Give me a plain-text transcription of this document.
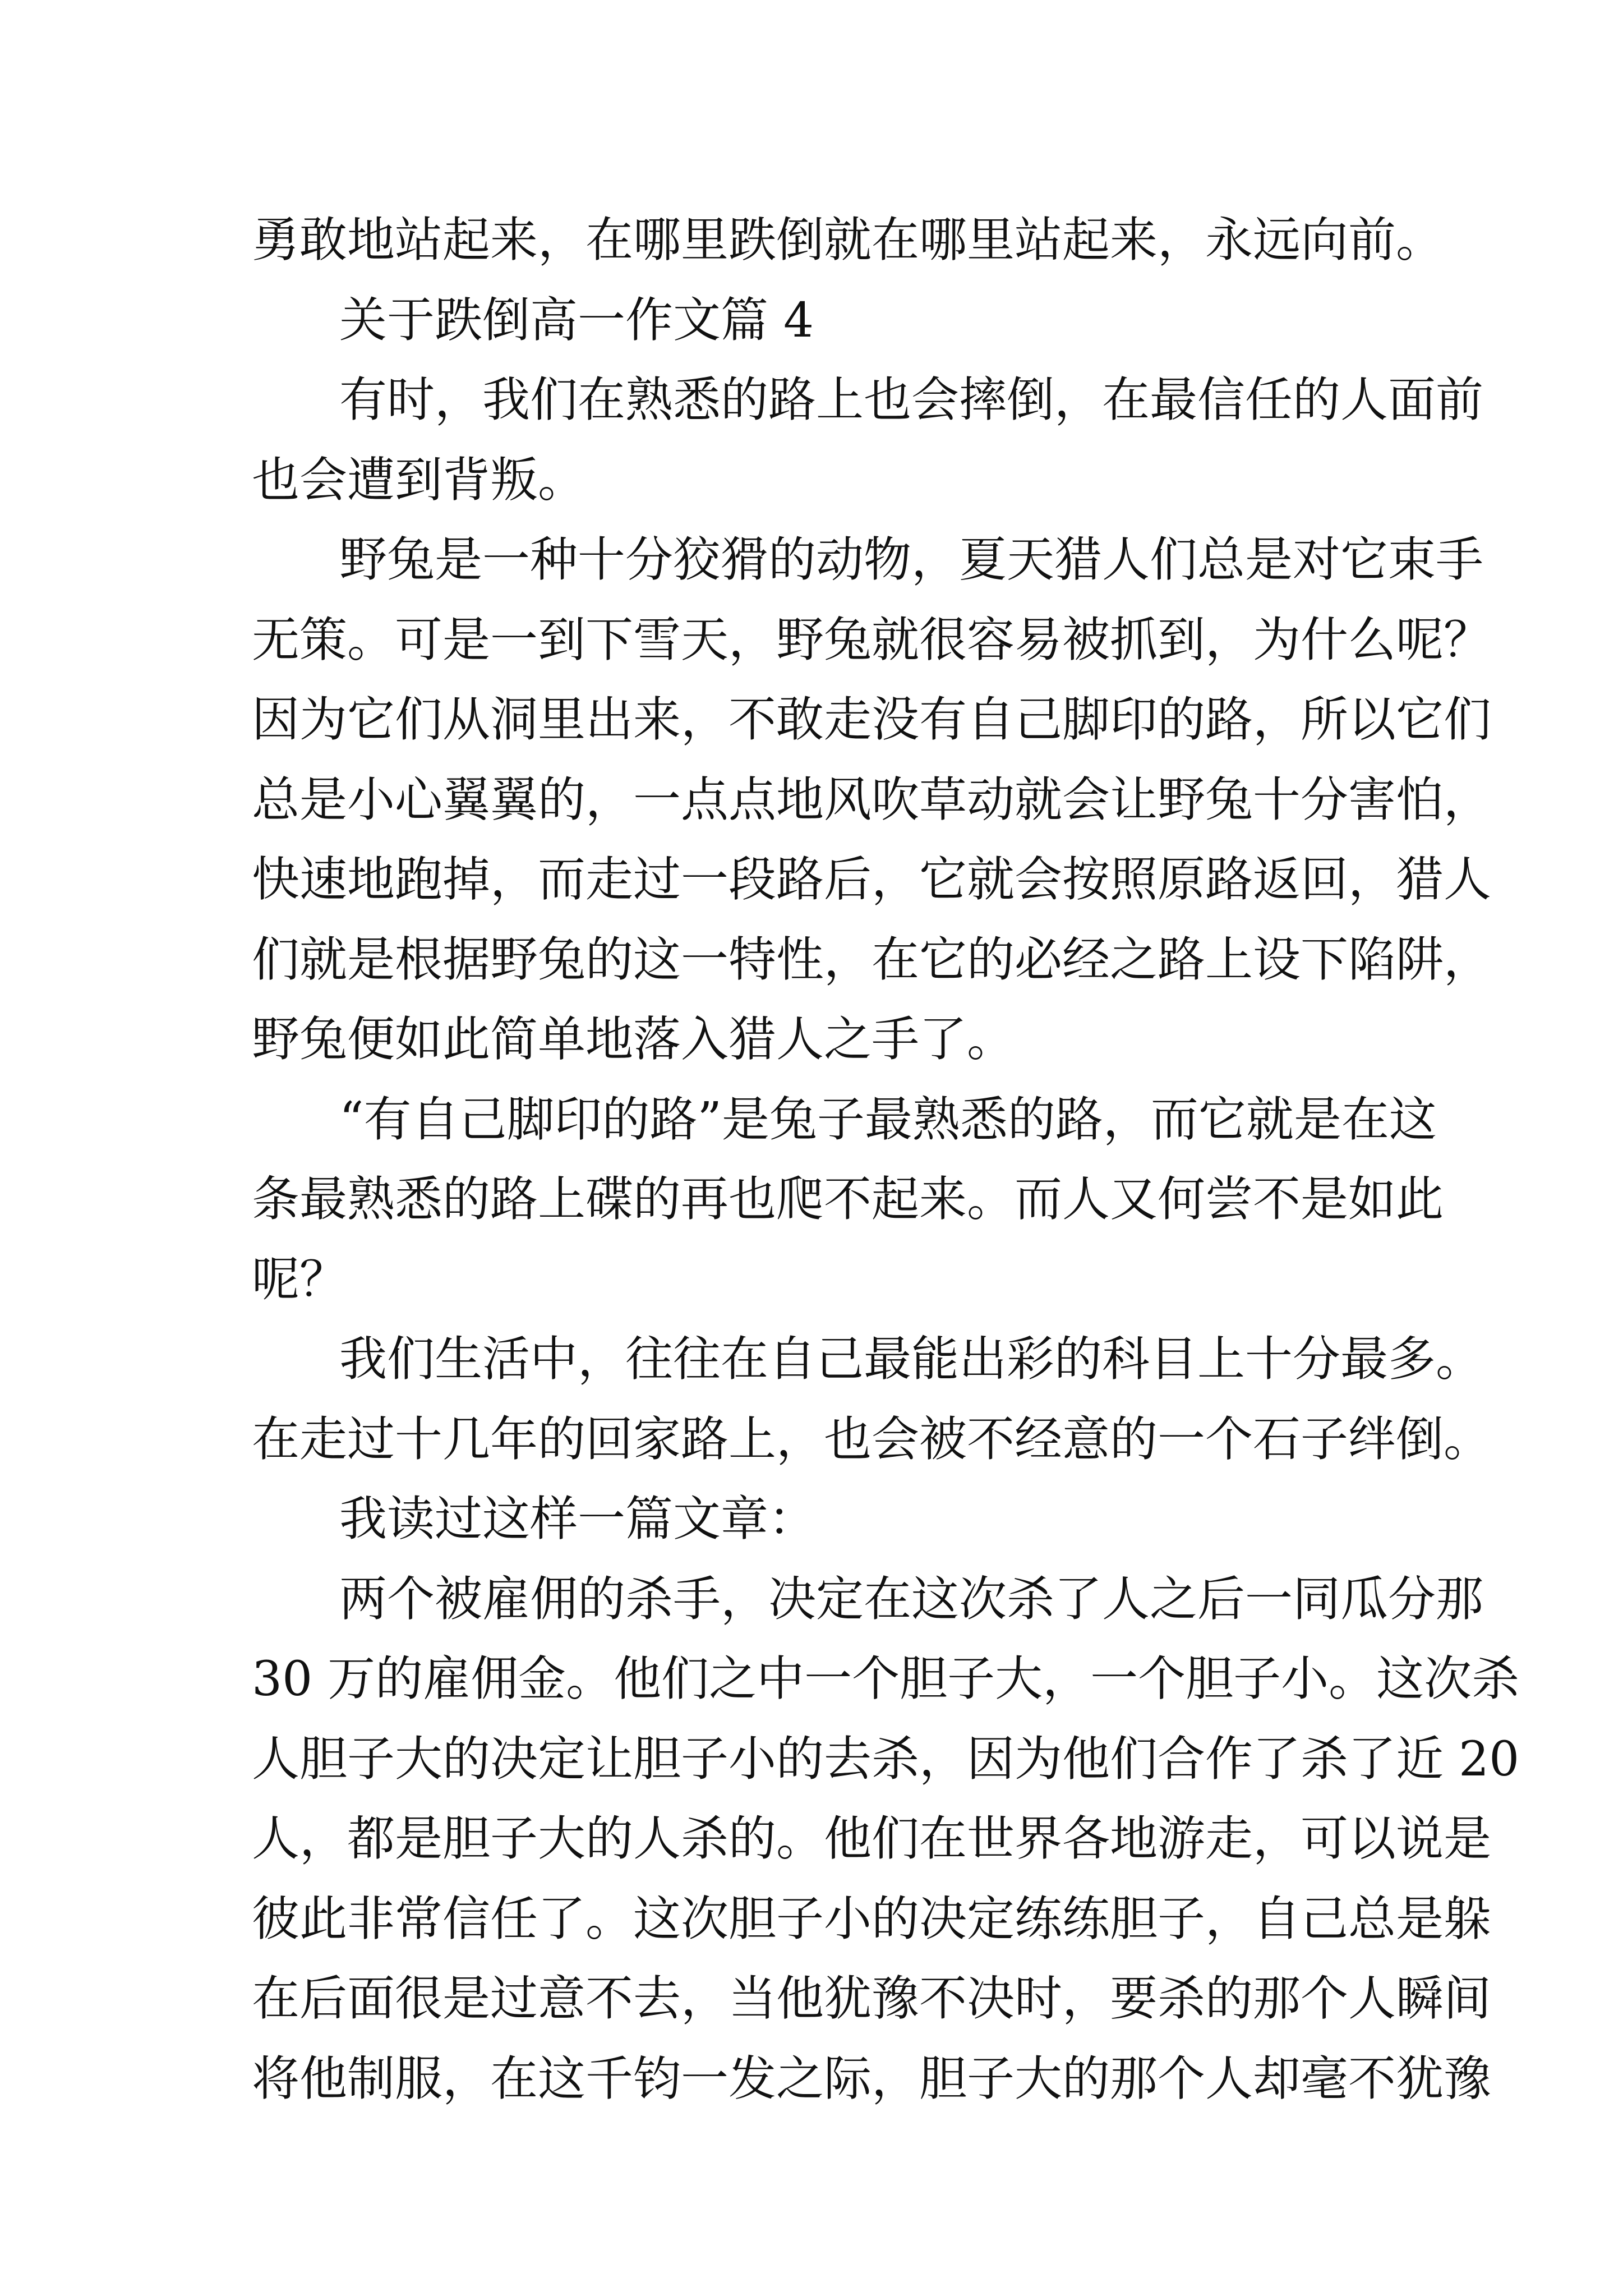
勇敢地站起来，在哪里跌倒就在哪里站起来，永远向前。
关于跌倒高一作文篇 4
有时，我们在熟悉的路上也会摔倒，在最信任的人面前
也会遭到背叛。
野兔是一种十分狡猾的动物，夏天猎人们总是对它束手
无策。可是一到下雪天，野兔就很容易被抓到，为什么呢？
因为它们从洞里出来，不敢走没有自己脚印的路，所以它们
总是小心翼翼的，一点点地风吹草动就会让野兔十分害怕，
快速地跑掉，而走过一段路后，它就会按照原路返回，猎人
们就是根据野兔的这一特性，在它的必经之路上设下陷阱，
野兔便如此简单地落入猎人之手了。
“有自己脚印的路”是兔子最熟悉的路，而它就是在这
条最熟悉的路上碟的再也爬不起来。而人又何尝不是如此
呢？
我们生活中，往往在自己最能出彩的科目上十分最多。
在走过十几年的回家路上，也会被不经意的一个石子绊倒。
我读过这样一篇文章：
两个被雇佣的杀手，决定在这次杀了人之后一同瓜分那
30 万的雇佣金。他们之中一个胆子大，一个胆子小。这次杀
人胆子大的决定让胆子小的去杀，因为他们合作了杀了近 20
人，都是胆子大的人杀的。他们在世界各地游走，可以说是
彼此非常信任了。这次胆子小的决定练练胆子，自己总是躲
在后面很是过意不去，当他犹豫不决时，要杀的那个人瞬间
将他制服，在这千钧一发之际，胆子大的那个人却毫不犹豫
